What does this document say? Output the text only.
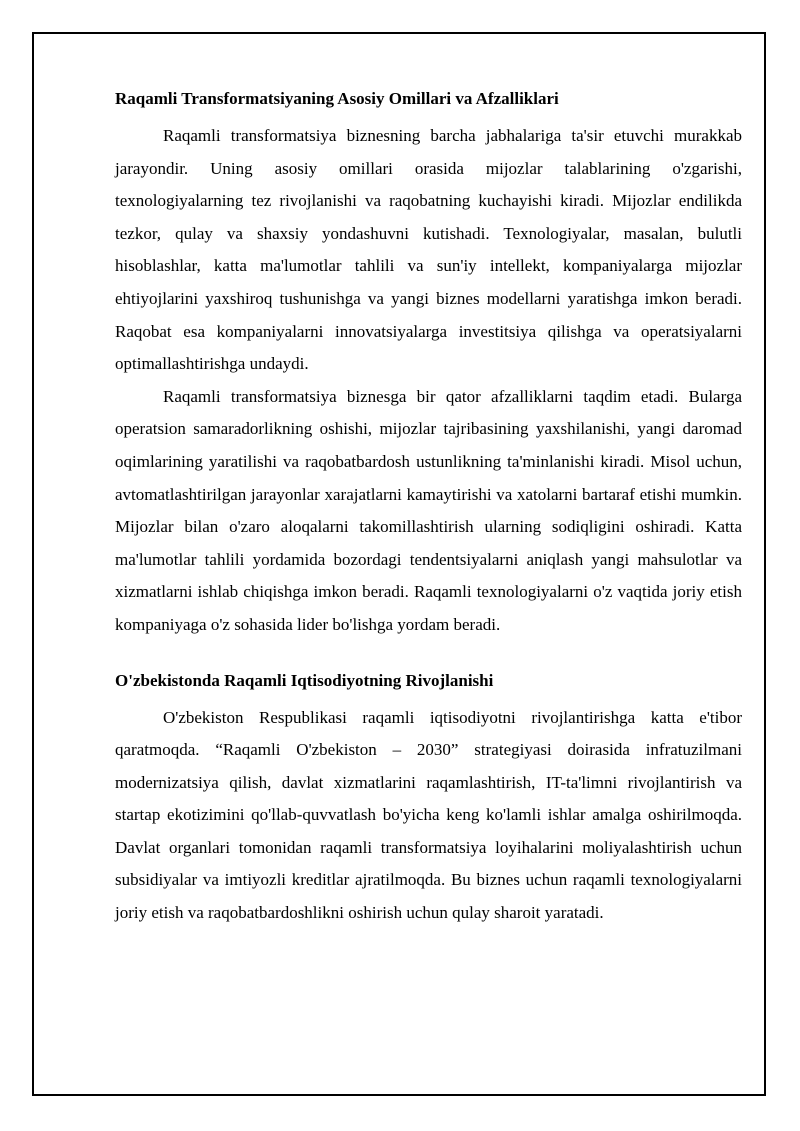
Raqamli Transformatsiyaning Asosiy Omillari va Afzalliklari

Raqamli transformatsiya biznesning barcha jabhalariga ta'sir etuvchi murakkab jarayondir. Uning asosiy omillari orasida mijozlar talablarining o'zgarishi, texnologiyalarning tez rivojlanishi va raqobatning kuchayishi kiradi. Mijozlar endilikda tezkor, qulay va shaxsiy yondashuvni kutishadi. Texnologiyalar, masalan, bulutli hisoblashlar, katta ma'lumotlar tahlili va sun'iy intellekt, kompaniyalarga mijozlar ehtiyojlarini yaxshiroq tushunishga va yangi biznes modellarni yaratishga imkon beradi. Raqobat esa kompaniyalarni innovatsiyalarga investitsiya qilishga va operatsiyalarni optimallashtirishga undaydi.

Raqamli transformatsiya biznesga bir qator afzalliklarni taqdim etadi. Bularga operatsion samaradorlikning oshishi, mijozlar tajribasining yaxshilanishi, yangi daromad oqimlarining yaratilishi va raqobatbardosh ustunlikning ta'minlanishi kiradi. Misol uchun, avtomatlashtirilgan jarayonlar xarajatlarni kamaytirishi va xatolarni bartaraf etishi mumkin. Mijozlar bilan o'zaro aloqalarni takomillashtirish ularning sodiqligini oshiradi. Katta ma'lumotlar tahlili yordamida bozordagi tendentsiyalarni aniqlash yangi mahsulotlar va xizmatlarni ishlab chiqishga imkon beradi. Raqamli texnologiyalarni o'z vaqtida joriy etish kompaniyaga o'z sohasida lider bo'lishga yordam beradi.

O'zbekistonda Raqamli Iqtisodiyotning Rivojlanishi

O'zbekiston Respublikasi raqamli iqtisodiyotni rivojlantirishga katta e'tibor qaratmoqda. “Raqamli O'zbekiston – 2030” strategiyasi doirasida infratuzilmani modernizatsiya qilish, davlat xizmatlarini raqamlashtirish, IT-ta'limni rivojlantirish va startap ekotizimini qo'llab-quvvatlash bo'yicha keng ko'lamli ishlar amalga oshirilmoqda. Davlat organlari tomonidan raqamli transformatsiya loyihalarini moliyalashtirish uchun subsidiyalar va imtiyozli kreditlar ajratilmoqda. Bu biznes uchun raqamli texnologiyalarni joriy etish va raqobatbardoshlikni oshirish uchun qulay sharoit yaratadi.
